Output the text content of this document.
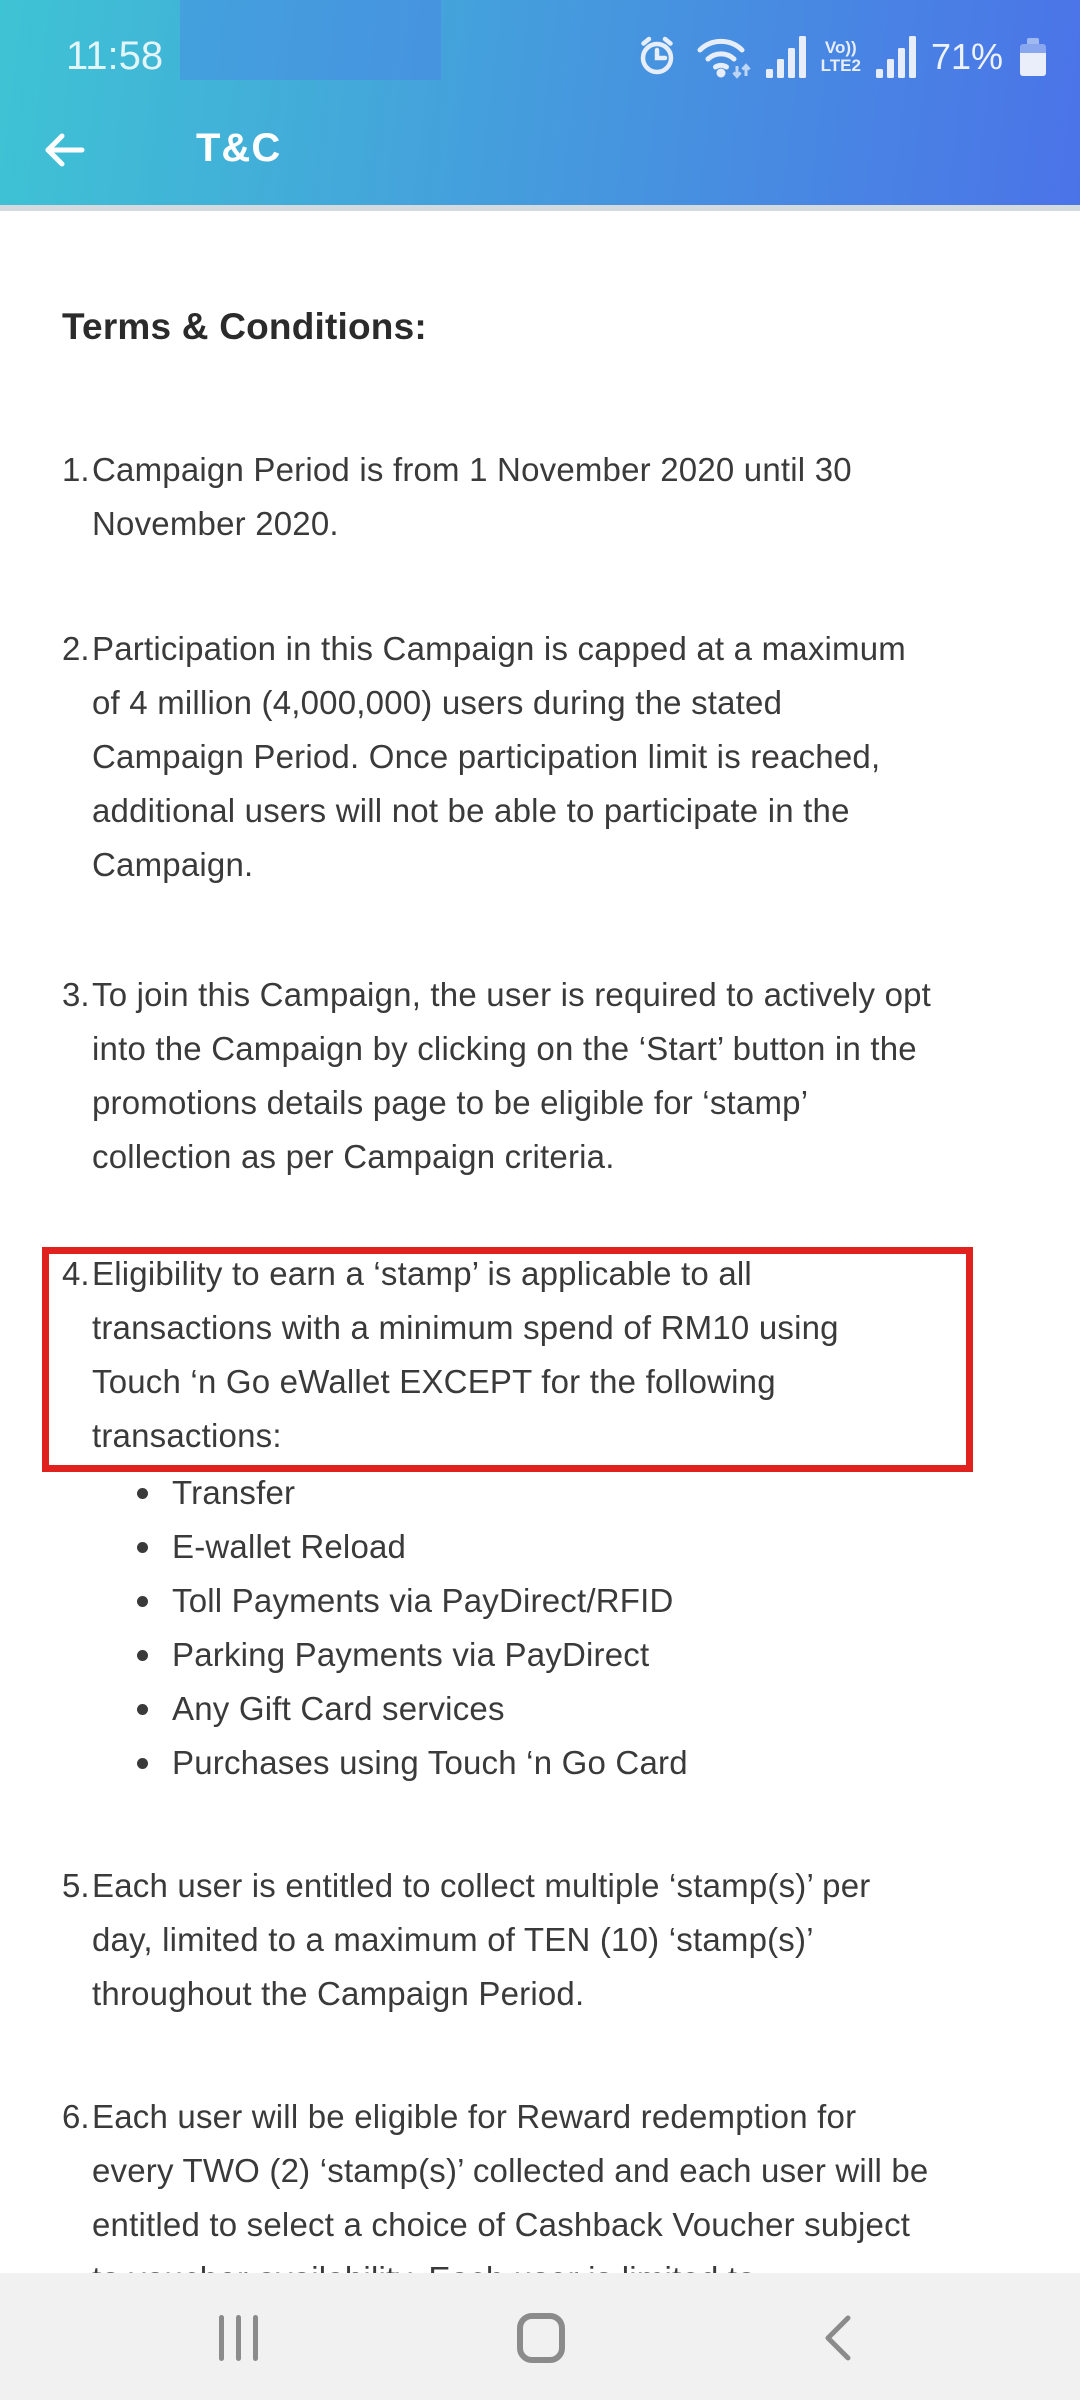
11:58	Vo))
LTE2 71%
T&C
Terms & Conditions:
1. Campaign Period is from 1 November 2020 until 30
November 2020.
2. Participation in this Campaign is capped at a maximum
of 4 million (4,000,000) users during the stated
Campaign Period. Once participation limit is reached,
additional users will not be able to participate in the
Campaign.
3. To join this Campaign, the user is required to actively opt
into the Campaign by clicking on the ‘Start’ button in the
promotions details page to be eligible for ‘stamp’
collection as per Campaign criteria.
4. Eligibility to earn a ‘stamp’ is applicable to all
transactions with a minimum spend of RM10 using
Touch ‘n Go eWallet EXCEPT for the following
transactions:
5. Each user is entitled to collect multiple ‘stamp(s)’ per
day, limited to a maximum of TEN (10) ‘stamp(s)’
throughout the Campaign Period.
6. Each user will be eligible for Reward redemption for
every TWO (2) ‘stamp(s)’ collected and each user will be
entitled to select a choice of Cashback Voucher subject
Transfer
E-wallet Reload
Toll Payments via PayDirect/RFID
Parking Payments via PayDirect
Any Gift Card services
Purchases using Touch ‘n Go Card
